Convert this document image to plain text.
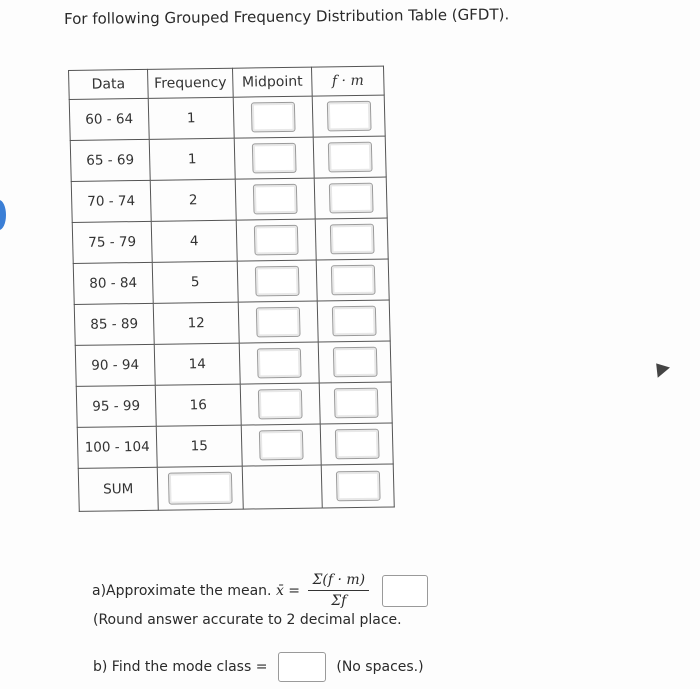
For following Grouped Frequency Distribution Table (GFDT).
Data	Frequency	Midpoint	f · m
60 - 64	1	

65 - 69	1	

70 - 74	2	

75 - 79	4	

80 - 84	5	

85 - 89	12	

90 - 94	14	

95 - 99	16	

100 - 104	15	

SUM	

a)Approximate the mean. x̄ = $\frac{\Sigma(f \cdot m)}{\Sigma f}$

(Round answer accurate to 2 decimal place.
b) Find the mode class =	(No spaces.)
